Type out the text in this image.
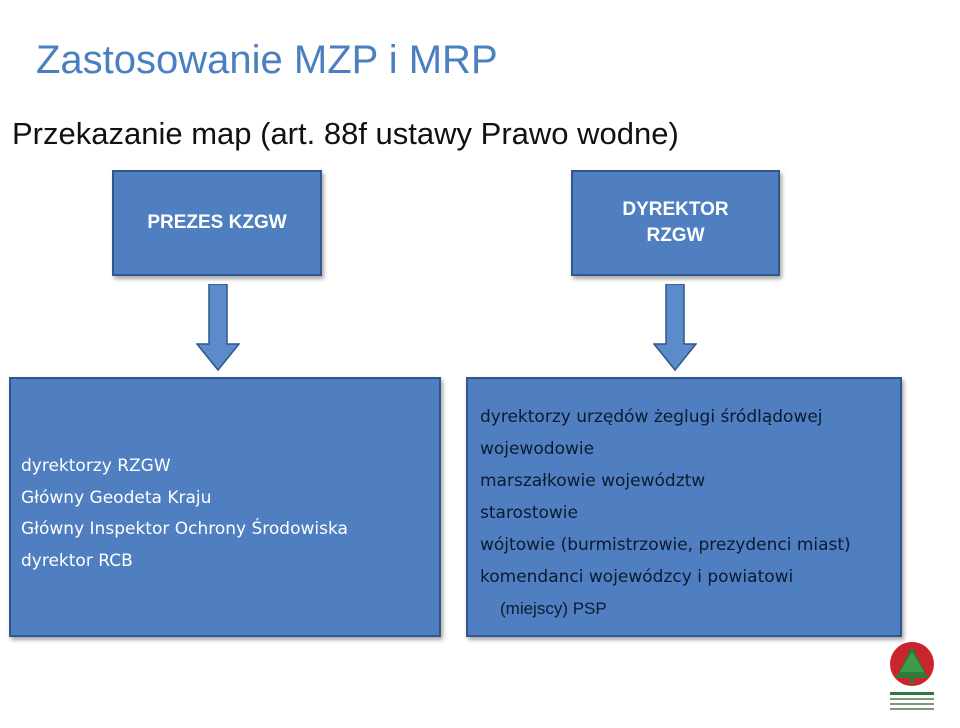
Zastosowanie MZP i MRP
Przekazanie map (art. 88f ustawy Prawo wodne)
PREZES KZGW
DYREKTOR
RZGW
dyrektorzy RZGW
Główny Geodeta Kraju
Główny Inspektor Ochrony Środowiska
dyrektor RCB
dyrektorzy urzędów żeglugi śródlądowej
wojewodowie
marszałkowie województw
starostowie
wójtowie (burmistrzowie, prezydenci miast)
komendanci wojewódzcy i powiatowi
(miejscy) PSP
